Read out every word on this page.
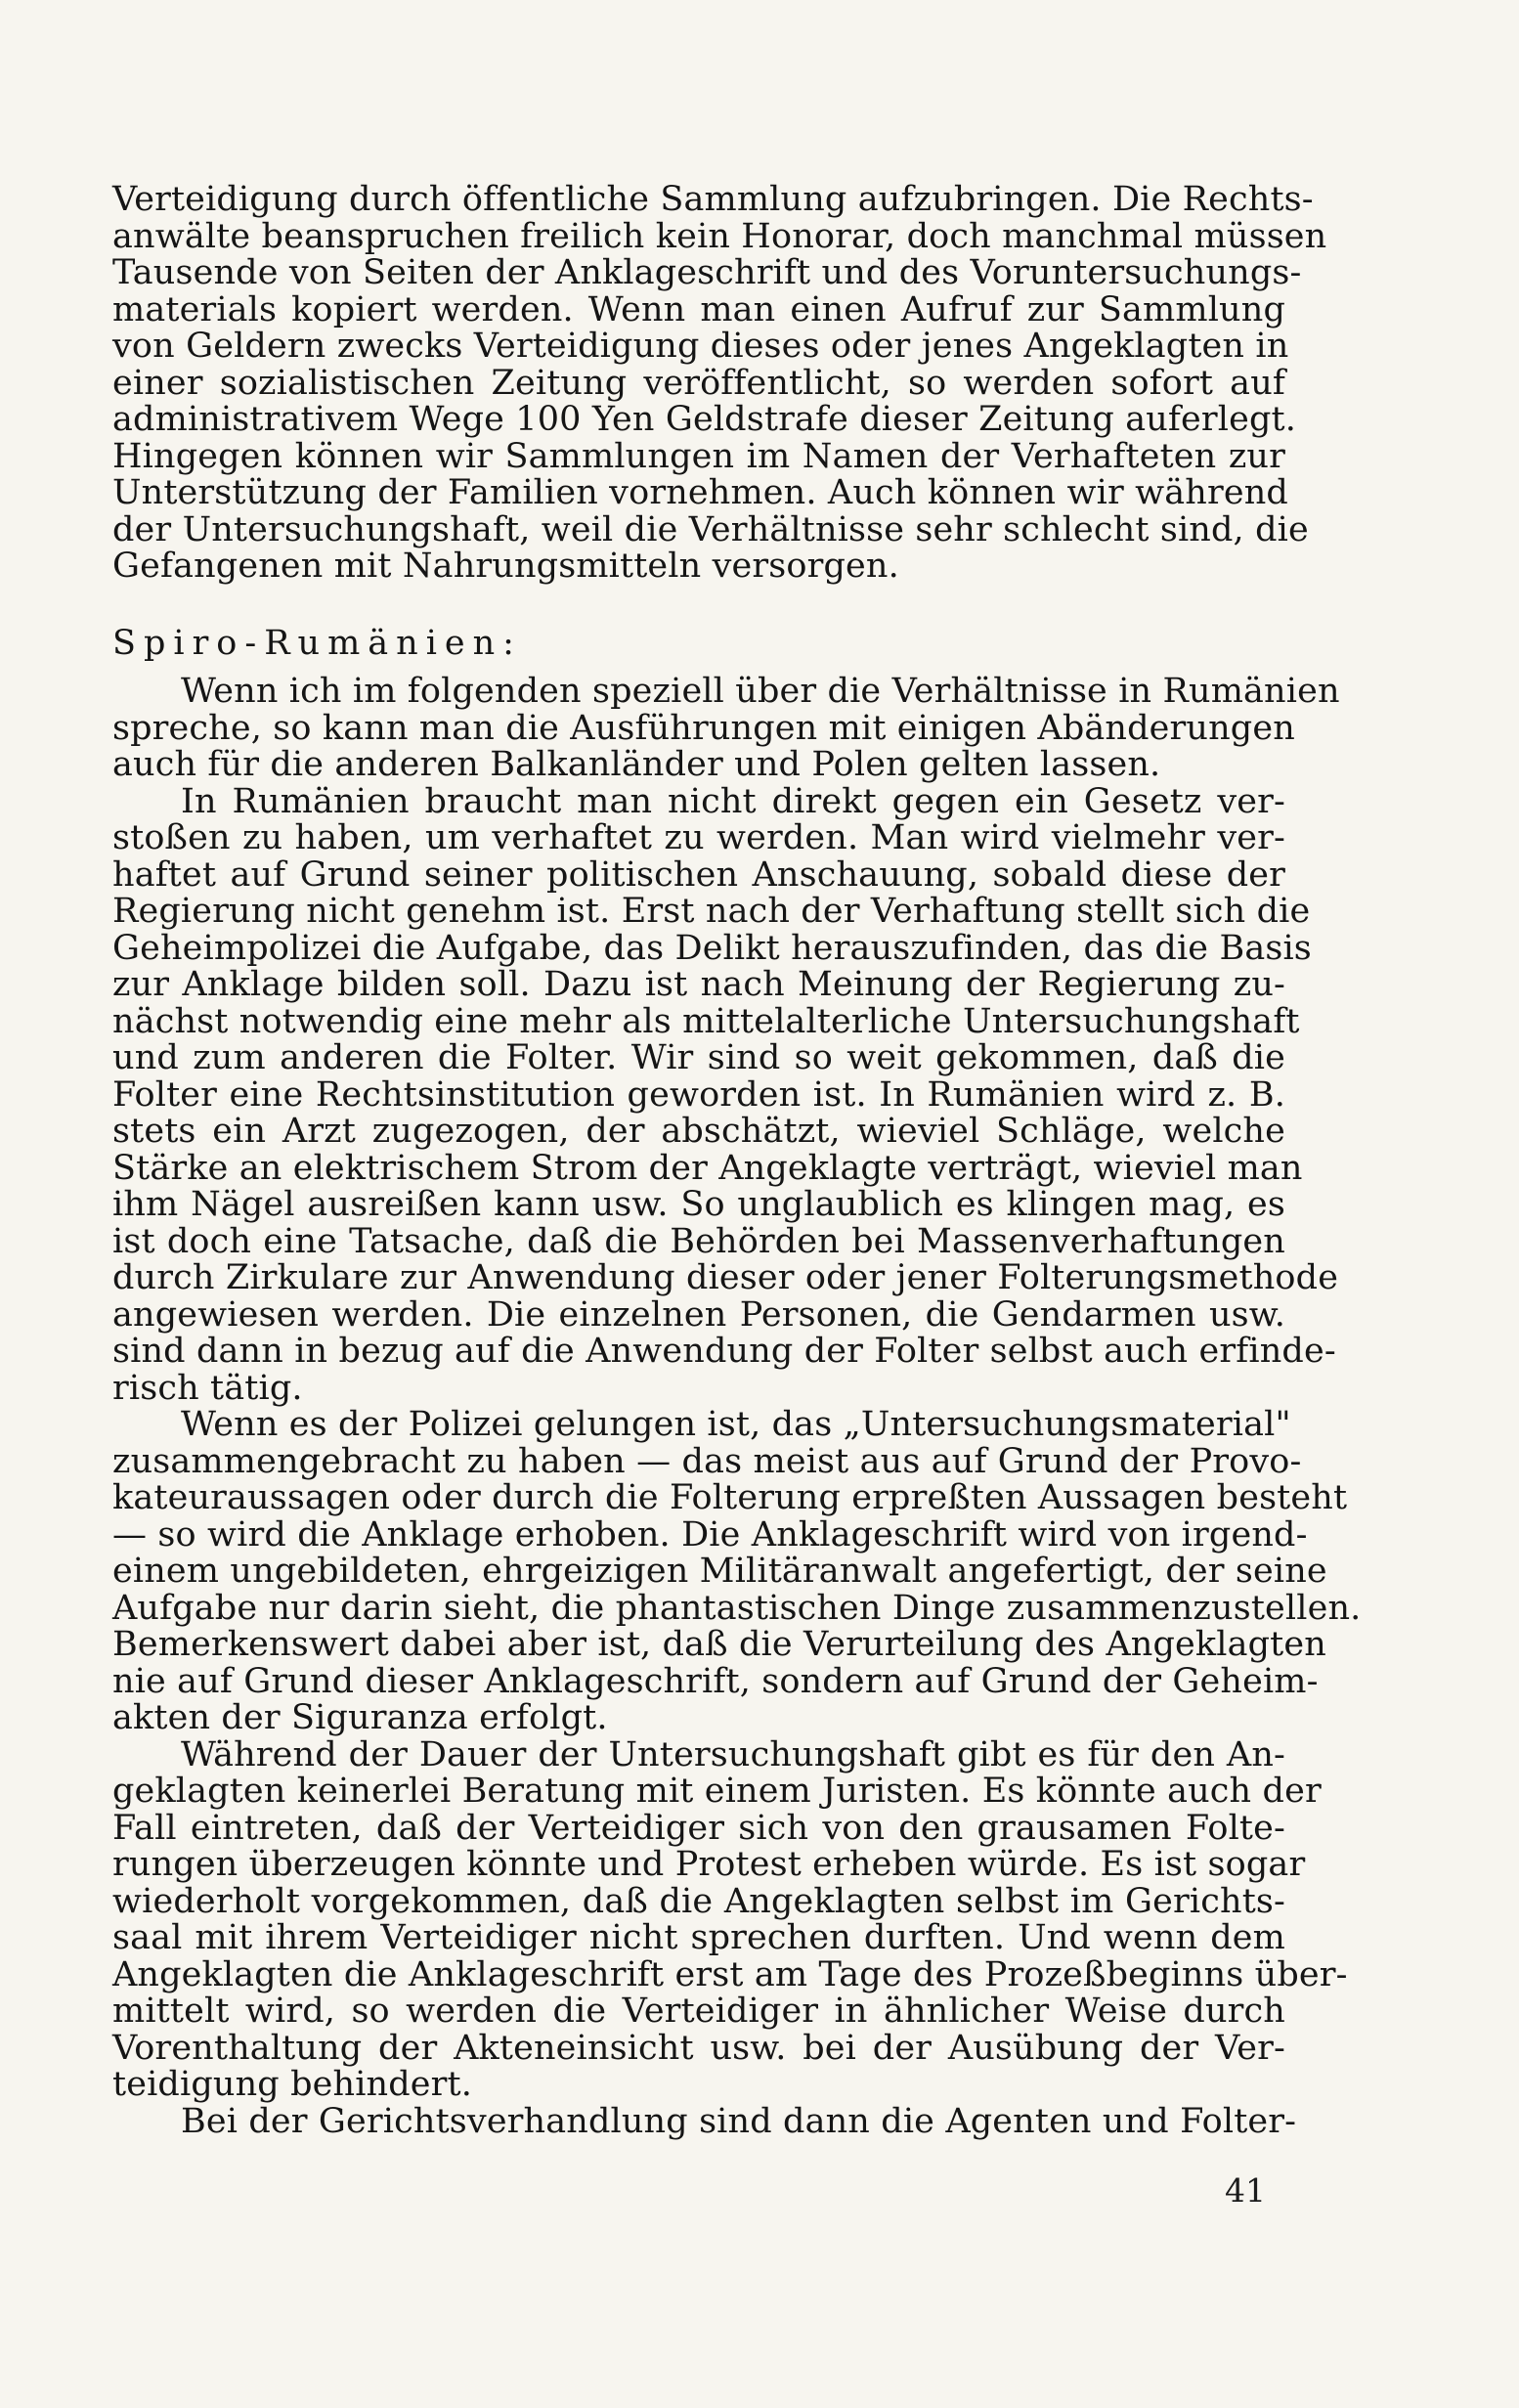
Verteidigung durch öffentliche Sammlung aufzubringen. Die Rechts-
anwälte beanspruchen freilich kein Honorar, doch manchmal müssen
Tausende von Seiten der Anklageschrift und des Voruntersuchungs-
materials kopiert werden. Wenn man einen Aufruf zur Sammlung
von Geldern zwecks Verteidigung dieses oder jenes Angeklagten in
einer sozialistischen Zeitung veröffentlicht, so werden sofort auf
administrativem Wege 100 Yen Geldstrafe dieser Zeitung auferlegt.
Hingegen können wir Sammlungen im Namen der Verhafteten zur
Unterstützung der Familien vornehmen. Auch können wir während
der Untersuchungshaft, weil die Verhältnisse sehr schlecht sind, die
Gefangenen mit Nahrungsmitteln versorgen.

Spiro-Rumänien:

Wenn ich im folgenden speziell über die Verhältnisse in Rumänien
spreche, so kann man die Ausführungen mit einigen Abänderungen
auch für die anderen Balkanländer und Polen gelten lassen.

In Rumänien braucht man nicht direkt gegen ein Gesetz ver-
stoßen zu haben, um verhaftet zu werden. Man wird vielmehr ver-
haftet auf Grund seiner politischen Anschauung, sobald diese der
Regierung nicht genehm ist. Erst nach der Verhaftung stellt sich die
Geheimpolizei die Aufgabe, das Delikt herauszufinden, das die Basis
zur Anklage bilden soll. Dazu ist nach Meinung der Regierung zu-
nächst notwendig eine mehr als mittelalterliche Untersuchungshaft
und zum anderen die Folter. Wir sind so weit gekommen, daß die
Folter eine Rechtsinstitution geworden ist. In Rumänien wird z. B.
stets ein Arzt zugezogen, der abschätzt, wieviel Schläge, welche
Stärke an elektrischem Strom der Angeklagte verträgt, wieviel man
ihm Nägel ausreißen kann usw. So unglaublich es klingen mag, es
ist doch eine Tatsache, daß die Behörden bei Massenverhaftungen
durch Zirkulare zur Anwendung dieser oder jener Folterungsmethode
angewiesen werden. Die einzelnen Personen, die Gendarmen usw.
sind dann in bezug auf die Anwendung der Folter selbst auch erfinde-
risch tätig.

Wenn es der Polizei gelungen ist, das „Untersuchungsmaterial"
zusammengebracht zu haben — das meist aus auf Grund der Provo-
kateuraussagen oder durch die Folterung erpreßten Aussagen besteht
— so wird die Anklage erhoben. Die Anklageschrift wird von irgend-
einem ungebildeten, ehrgeizigen Militäranwalt angefertigt, der seine
Aufgabe nur darin sieht, die phantastischen Dinge zusammenzustellen.
Bemerkenswert dabei aber ist, daß die Verurteilung des Angeklagten
nie auf Grund dieser Anklageschrift, sondern auf Grund der Geheim-
akten der Siguranza erfolgt.

Während der Dauer der Untersuchungshaft gibt es für den An-
geklagten keinerlei Beratung mit einem Juristen. Es könnte auch der
Fall eintreten, daß der Verteidiger sich von den grausamen Folte-
rungen überzeugen könnte und Protest erheben würde. Es ist sogar
wiederholt vorgekommen, daß die Angeklagten selbst im Gerichts-
saal mit ihrem Verteidiger nicht sprechen durften. Und wenn dem
Angeklagten die Anklageschrift erst am Tage des Prozeßbeginns über-
mittelt wird, so werden die Verteidiger in ähnlicher Weise durch
Vorenthaltung der Akteneinsicht usw. bei der Ausübung der Ver-
teidigung behindert.

Bei der Gerichtsverhandlung sind dann die Agenten und Folter-

41
